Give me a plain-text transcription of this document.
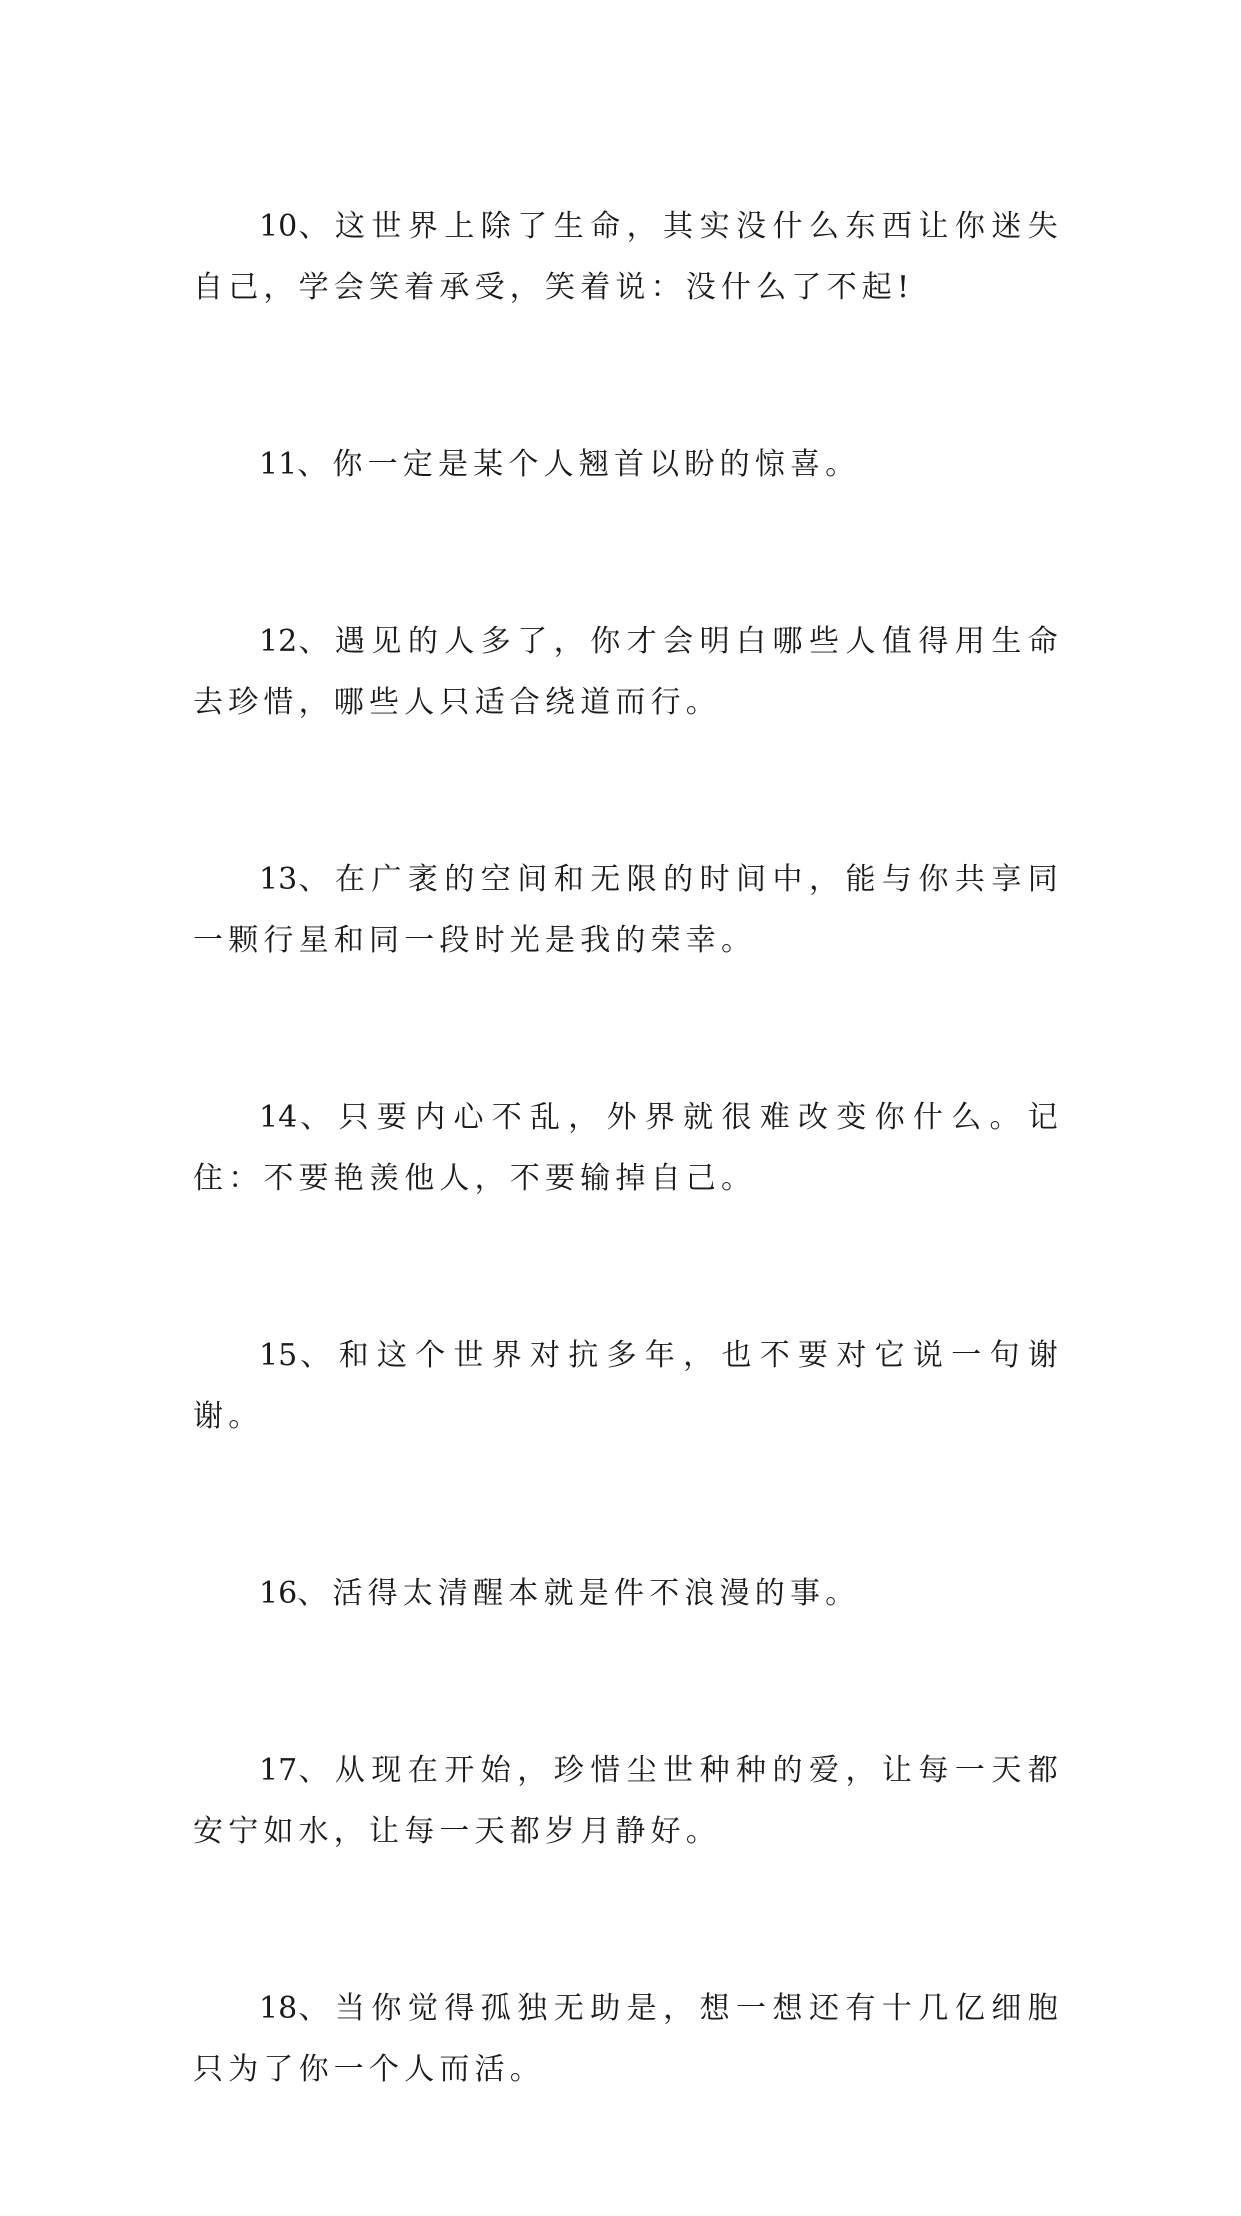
10、这世界上除了生命，其实没什么东西让你迷失自己，学会笑着承受，笑着说：没什么了不起!

11、你一定是某个人翘首以盼的惊喜。

12、遇见的人多了，你才会明白哪些人值得用生命去珍惜，哪些人只适合绕道而行。

13、在广袤的空间和无限的时间中，能与你共享同一颗行星和同一段时光是我的荣幸。

14、只要内心不乱，外界就很难改变你什么。记住：不要艳羡他人，不要输掉自己。

15、和这个世界对抗多年，也不要对它说一句谢谢。

16、活得太清醒本就是件不浪漫的事。

17、从现在开始，珍惜尘世种种的爱，让每一天都安宁如水，让每一天都岁月静好。

18、当你觉得孤独无助是，想一想还有十几亿细胞只为了你一个人而活。
